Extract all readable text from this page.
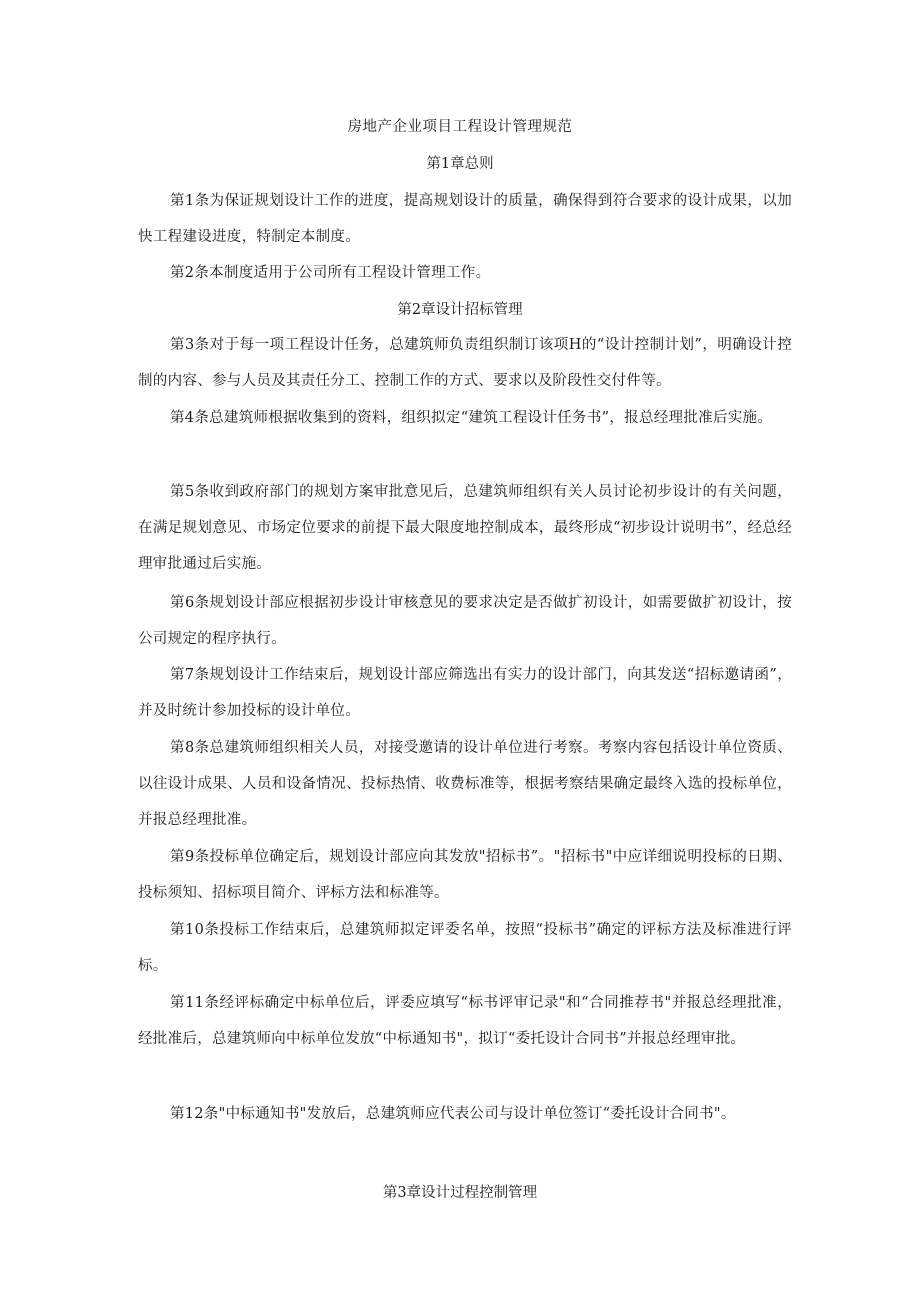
房地产企业项目工程设计管理规范
第1章总则
第1条为保证规划设计工作的进度，提高规划设计的质量，确保得到符合要求的设计成果，以加快工程建设进度，特制定本制度。
第2条本制度适用于公司所有工程设计管理工作。
第2章设计招标管理
第3条对于每一项工程设计任务，总建筑师负责组织制订该项H的“设计控制计划”，明确设计控制的内容、参与人员及其责任分工、控制工作的方式、要求以及阶段性交付件等。
第4条总建筑师根据收集到的资料，组织拟定“建筑工程设计任务书”，报总经理批准后实施。
第5条收到政府部门的规划方案审批意见后，总建筑师组织有关人员讨论初步设计的有关问题，在满足规划意见、市场定位要求的前提下最大限度地控制成本，最终形成“初步设计说明书”，经总经理审批通过后实施。
第6条规划设计部应根据初步设计审核意见的要求决定是否做扩初设计，如需要做扩初设计，按公司规定的程序执行。
第7条规划设计工作结束后，规划设计部应筛选出有实力的设计部门，向其发送“招标邀请函”，并及时统计参加投标的设计单位。
第8条总建筑师组织相关人员，对接受邀请的设计单位进行考察。考察内容包括设计单位资质、以往设计成果、人员和设备情况、投标热情、收费标准等，根据考察结果确定最终入选的投标单位，并报总经理批准。
第9条投标单位确定后，规划设计部应向其发放"招标书”。"招标书"中应详细说明投标的日期、投标须知、招标项目简介、评标方法和标准等。
第10条投标工作结束后，总建筑师拟定评委名单，按照“投标书”确定的评标方法及标准进行评标。
第11条经评标确定中标单位后，评委应填写“标书评审记录"和“合同推荐书"并报总经理批准，经批准后，总建筑师向中标单位发放“中标通知书"，拟订“委托设计合同书”并报总经理审批。
第12条"中标通知书"发放后，总建筑师应代表公司与设计单位签订“委托设计合同书"。
第3章设计过程控制管理
